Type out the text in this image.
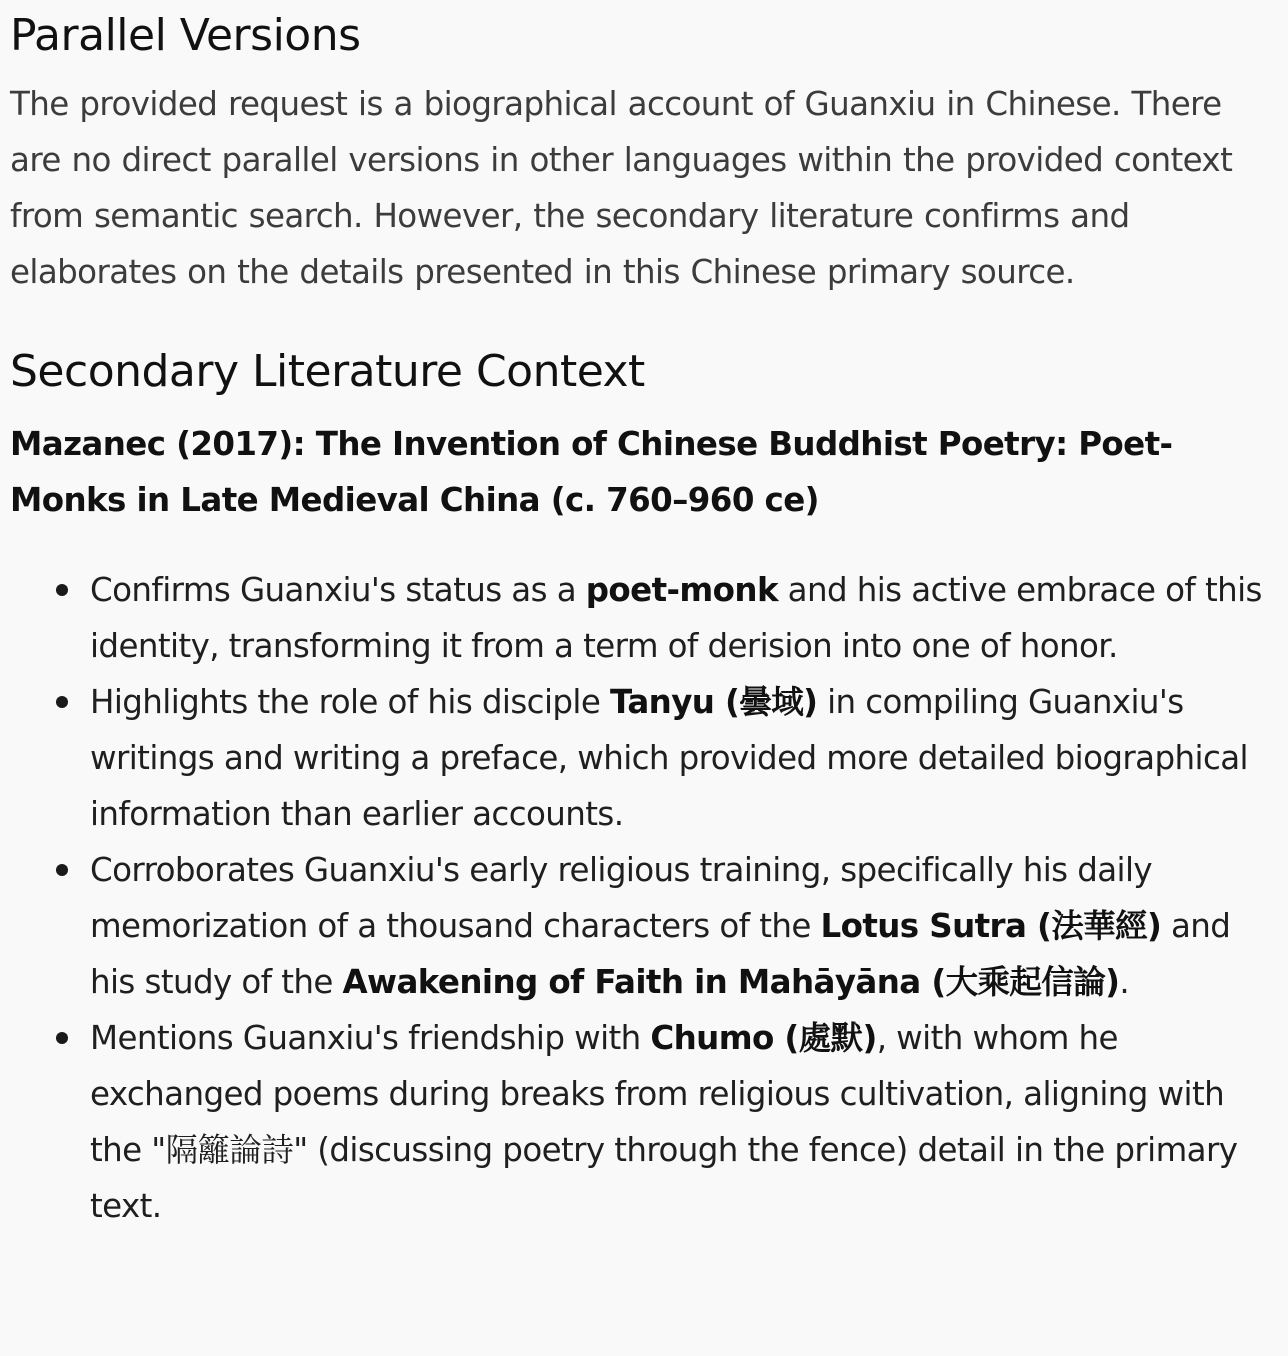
Parallel Versions

The provided request is a biographical account of Guanxiu in Chinese. There are no direct parallel versions in other languages within the provided context from semantic search. However, the secondary literature confirms and elaborates on the details presented in this Chinese primary source.

Secondary Literature Context

Mazanec (2017): The Invention of Chinese Buddhist Poetry: Poet-Monks in Late Medieval China (c. 760–960 ce)

Confirms Guanxiu's status as a poet-monk and his active embrace of this identity, transforming it from a term of derision into one of honor.
Highlights the role of his disciple Tanyu (曇域) in compiling Guanxiu's writings and writing a preface, which provided more detailed biographical information than earlier accounts.
Corroborates Guanxiu's early religious training, specifically his daily memorization of a thousand characters of the Lotus Sutra (法華經) and his study of the Awakening of Faith in Mahāyāna (大乘起信論).
Mentions Guanxiu's friendship with Chumo (處默), with whom he exchanged poems during breaks from religious cultivation, aligning with the "隔籬論詩" (discussing poetry through the fence) detail in the primary text.
